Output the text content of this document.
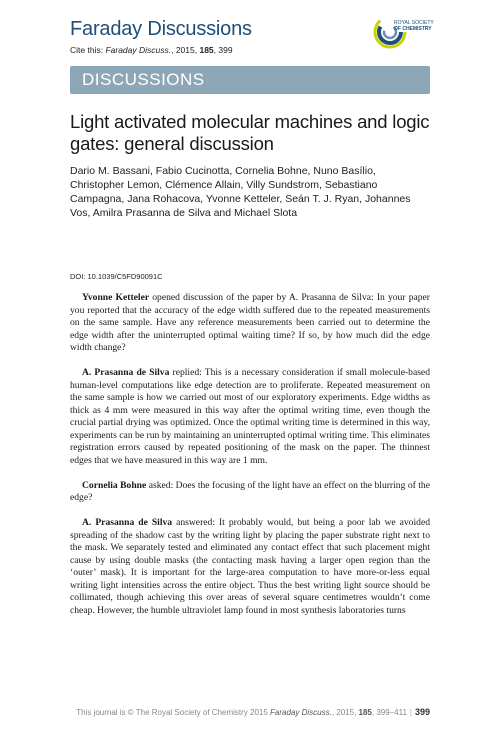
Faraday Discussions
Cite this: Faraday Discuss., 2015, 185, 399
ROYAL SOCIETY
OF CHEMISTRY
DISCUSSIONS
Light activated molecular machines and logic gates: general discussion
Dario M. Bassani, Fabio Cucinotta, Cornelia Bohne, Nuno Basílio, Christopher Lemon, Clémence Allain, Villy Sundstrom, Sebastiano Campagna, Jana Rohacova, Yvonne Ketteler, Seán T. J. Ryan, Johannes Vos, Amilra Prasanna de Silva and Michael Slota
DOI: 10.1039/C5FD90091C

Yvonne Ketteler opened discussion of the paper by A. Prasanna de Silva: In your paper you reported that the accuracy of the edge width suffered due to the repeated measurements on the same sample. Have any reference measurements been carried out to determine the edge width after the uninterrupted optimal waiting time? If so, by how much did the edge width change?

A. Prasanna de Silva replied: This is a necessary consideration if small molecule-based human-level computations like edge detection are to proliferate. Repeated measurement on the same sample is how we carried out most of our exploratory experiments. Edge widths as thick as 4 mm were measured in this way after the optimal writing time, even though the crucial partial drying was optimized. Once the optimal writing time is determined in this way, experiments can be run by maintaining an uninterrupted optimal writing time. This eliminates registration errors caused by repeated positioning of the mask on the paper. The thinnest edges that we have measured in this way are 1 mm.

Cornelia Bohne asked: Does the focusing of the light have an effect on the blurring of the edge?

A. Prasanna de Silva answered: It probably would, but being a poor lab we avoided spreading of the shadow cast by the writing light by placing the paper substrate right next to the mask. We separately tested and eliminated any contact effect that such placement might cause by using double masks (the contacting mask having a larger open region than the ‘outer’ mask). It is important for the large-area computation to have more-or-less equal writing light intensities across the entire object. Thus the best writing light source should be collimated, though achieving this over areas of several square centimetres wouldn’t come cheap. However, the humble ultraviolet lamp found in most synthesis laboratories turns

This journal is © The Royal Society of Chemistry 2015 Faraday Discuss., 2015, 185, 399–411 | 399
